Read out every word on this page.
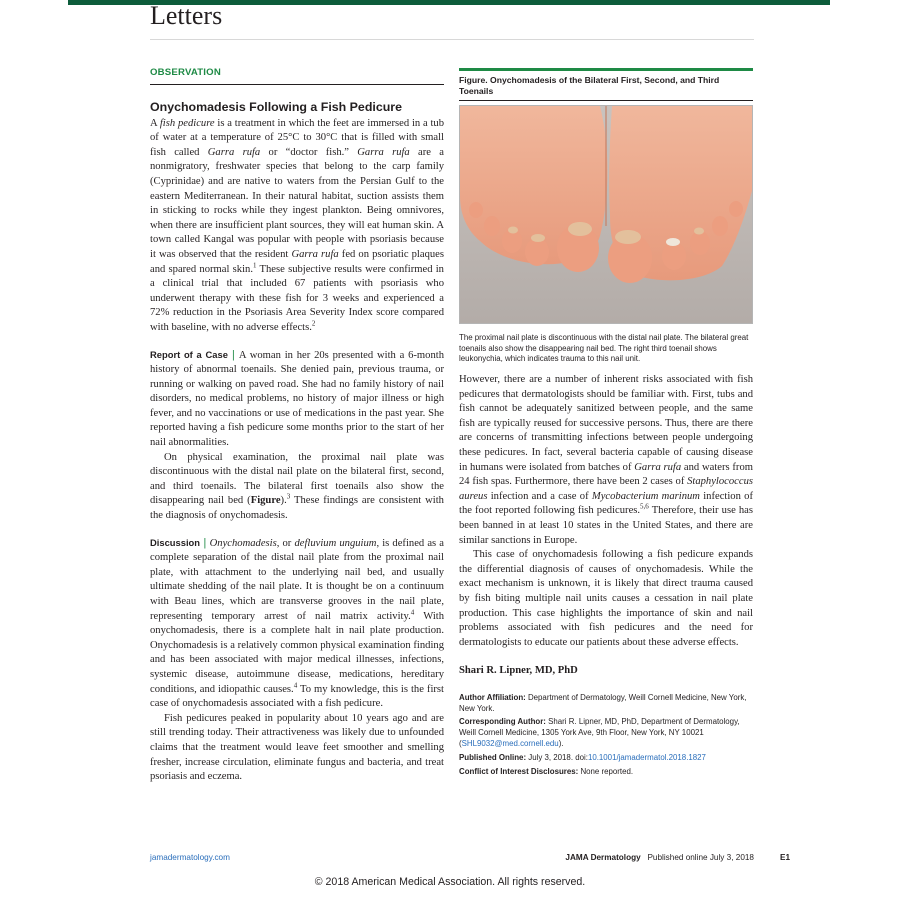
Letters
OBSERVATION
Onychomadesis Following a Fish Pedicure

A fish pedicure is a treatment in which the feet are immersed in a tub of water at a temperature of 25°C to 30°C that is filled with small fish called Garra rufa or “doctor fish.” Garra rufa are a nonmigratory, freshwater species that belong to the carp family (Cyprinidae) and are native to waters from the Persian Gulf to the eastern Mediterranean. In their natural habitat, suction assists them in sticking to rocks while they ingest plankton. Being omnivores, when there are insufficient plant sources, they will eat human skin. A town called Kangal was popular with people with psoriasis because it was observed that the resident Garra rufa fed on psoriatic plaques and spared normal skin.$^1$ These subjective results were confirmed in a clinical trial that included 67 patients with psoriasis who underwent therapy with these fish for 3 weeks and experienced a 72% reduction in the Psoriasis Area Severity Index score compared with baseline, with no adverse effects.$^2$

Report of a Case | A woman in her 20s presented with a 6-month history of abnormal toenails. She denied pain, previous trauma, or running or walking on paved road. She had no family history of nail disorders, no medical problems, no history of major illness or high fever, and no vaccinations or use of medications in the past year. She reported having a fish pedicure some months prior to the start of her nail abnormalities.

On physical examination, the proximal nail plate was discontinuous with the distal nail plate on the bilateral first, second, and third toenails. The bilateral first toenails also show the disappearing nail bed (Figure).$^3$ These findings are consistent with the diagnosis of onychomadesis.

Discussion | Onychomadesis, or defluvium unguium, is defined as a complete separation of the distal nail plate from the proximal nail plate, with attachment to the underlying nail bed, and usually ultimate shedding of the nail plate. It is thought be on a continuum with Beau lines, which are transverse grooves in the nail plate, representing temporary arrest of nail matrix activity.$^4$ With onychomadesis, there is a complete halt in nail plate production. Onychomadesis is a relatively common physical examination finding and has been associated with major medical illnesses, infections, systemic disease, autoimmune disease, medications, hereditary conditions, and idiopathic causes.$^4$ To my knowledge, this is the first case of onychomadesis associated with a fish pedicure.

Fish pedicures peaked in popularity about 10 years ago and are still trending today. Their attractiveness was likely due to unfounded claims that the treatment would leave feet smoother and smelling fresher, increase circulation, eliminate fungus and bacteria, and treat psoriasis and eczema.

Figure. Onychomadesis of the Bilateral First, Second, and Third Toenails
The proximal nail plate is discontinuous with the distal nail plate. The bilateral great toenails also show the disappearing nail bed. The right third toenail shows leukonychia, which indicates trauma to this nail unit.

However, there are a number of inherent risks associated with fish pedicures that dermatologists should be familiar with. First, tubs and fish cannot be adequately sanitized between people, and the same fish are typically reused for successive persons. Thus, there are there are concerns of transmitting infections between people undergoing these pedicures. In fact, several bacteria capable of causing disease in humans were isolated from batches of Garra rufa and waters from 24 fish spas. Furthermore, there have been 2 cases of Staphylococcus aureus infection and a case of Mycobacterium marinum infection of the foot reported following fish pedicures.$^{5,6}$ Therefore, their use has been banned in at least 10 states in the United States, and there are similar sanctions in Europe.

This case of onychomadesis following a fish pedicure expands the differential diagnosis of causes of onychomadesis. While the exact mechanism is unknown, it is likely that direct trauma caused by fish biting multiple nail units causes a cessation in nail plate production. This case highlights the importance of skin and nail problems associated with fish pedicures and the need for dermatologists to educate our patients about these adverse effects.

Shari R. Lipner, MD, PhD
Author Affiliation: Department of Dermatology, Weill Cornell Medicine, New York, New York.
Corresponding Author: Shari R. Lipner, MD, PhD, Department of Dermatology, Weill Cornell Medicine, 1305 York Ave, 9th Floor, New York, NY 10021 (SHL9032@med.cornell.edu).
Published Online: July 3, 2018. doi:10.1001/jamadermatol.2018.1827
Conflict of Interest Disclosures: None reported.
jamadermatology.com	JAMA Dermatology Published online July 3, 2018	E1
© 2018 American Medical Association. All rights reserved.
